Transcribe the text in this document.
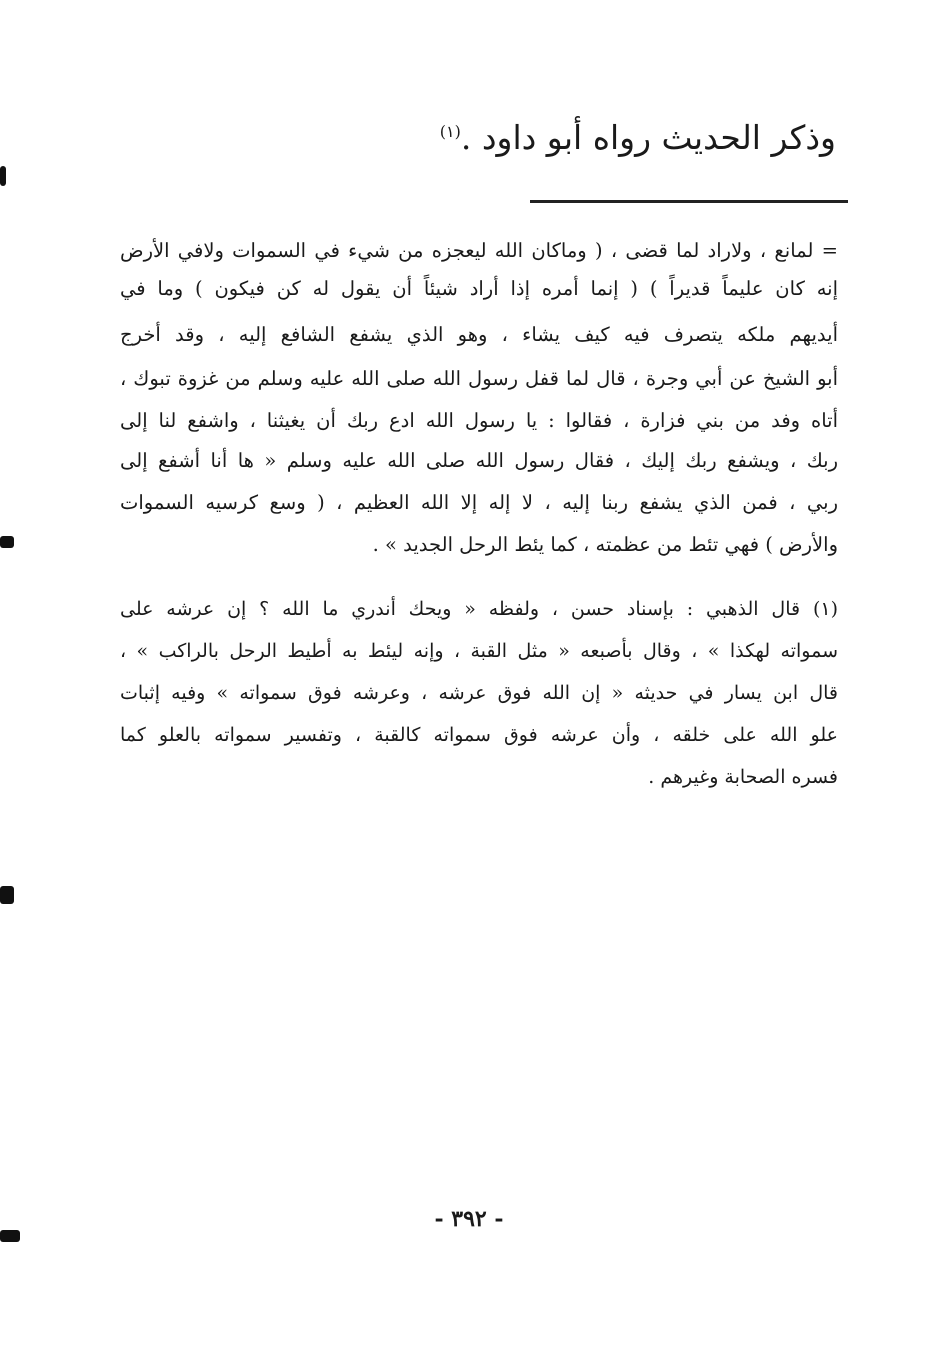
وذكر الحديث رواه أبو داود .$^{(١)}$
= لمانع ، ولاراد لما قضى ، ( وماكان الله ليعجزه من شيء في السموات ولافي الأرض
إنه كان عليماً قديراً ) ( إنما أمره إذا أراد شيئاً أن يقول له كن فيكون ) وما في
أيديهم ملكه يتصرف فيه كيف يشاء ، وهو الذي يشفع الشافع إليه ، وقد أخرج
أبو الشيخ عن أبي وجرة ، قال لما قفل رسول الله صلى الله عليه وسلم من غزوة تبوك ،
أتاه وفد من بني فزارة ، فقالوا : يا رسول الله ادع ربك أن يغيثنا ، واشفع لنا إلى
ربك ، ويشفع ربك إليك ، فقال رسول الله صلى الله عليه وسلم « ها أنا أشفع إلى
ربي ، فمن الذي يشفع ربنا إليه ، لا إله إلا الله العظيم ، ( وسع كرسيه السموات
والأرض ) فهي تئط من عظمته ، كما يئط الرحل الجديد » .
(١) قال الذهبي : بإسناد حسن ، ولفظه « ويحك أندري ما الله ؟ إن عرشه على
سمواته لهكذا » ، وقال بأصبعه « مثل القبة ، وإنه ليئط به أطيط الرحل بالراكب » ،
قال ابن يسار في حديثه « إن الله فوق عرشه ، وعرشه فوق سمواته » وفيه إثبات
علو الله على خلقه ، وأن عرشه فوق سمواته كالقبة ، وتفسير سمواته بالعلو كما
فسره الصحابة وغيرهم .
- ٣٩٢ -
